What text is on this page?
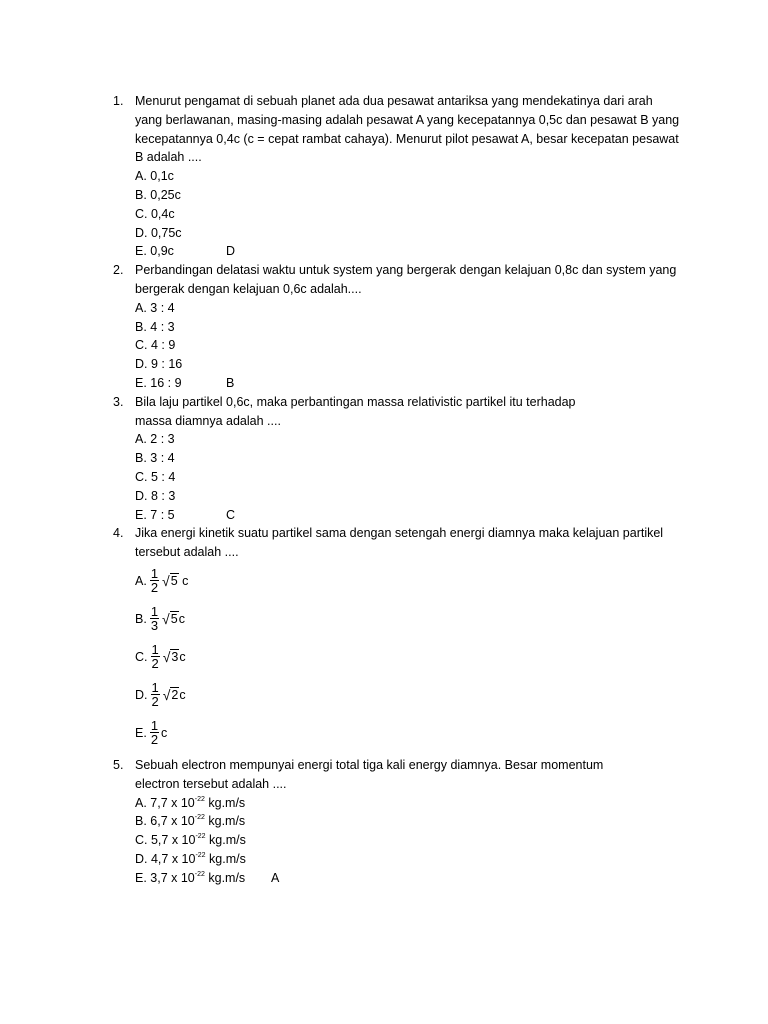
1. Menurut pengamat di sebuah planet ada dua pesawat antariksa yang mendekatinya dari arah yang berlawanan, masing-masing adalah pesawat A yang kecepatannya 0,5c dan pesawat B yang kecepatannya 0,4c (c = cepat rambat cahaya). Menurut pilot pesawat A, besar kecepatan pesawat B adalah ....
A. 0,1c
B. 0,25c
C. 0,4c
D. 0,75c
E. 0,9c	D
2. Perbandingan delatasi waktu untuk system yang bergerak dengan kelajuan 0,8c dan system yang bergerak dengan kelajuan 0,6c adalah....
A. 3 : 4
B. 4 : 3
C. 4 : 9
D. 9 : 16
E. 16 : 9	B
3. Bila laju partikel 0,6c, maka perbantingan massa relativistic partikel itu terhadap
massa diamnya adalah ....
A. 2 : 3
B. 3 : 4
C. 5 : 4
D. 8 : 3
E. 7 : 5	C
4. Jika energi kinetik suatu partikel sama dengan setengah energi diamnya maka kelajuan partikel tersebut adalah ....
A. $\frac{1}{2}$ √ 5 c
B. $\frac{1}{3}$ √ 5 c
C. $\frac{1}{2}$ √ 3 c
D. $\frac{1}{2}$ √ 2 c
E. $\frac{1}{2}$ c
5. Sebuah electron mempunyai energi total tiga kali energy diamnya. Besar momentum
electron tersebut adalah ....
A. 7,7 x $10^{-22}$ kg.m/s
B. 6,7 x $10^{-22}$ kg.m/s
C. 5,7 x $10^{-22}$ kg.m/s
D. 4,7 x $10^{-22}$ kg.m/s
E. 3,7 x $10^{-22}$ kg.m/s A
